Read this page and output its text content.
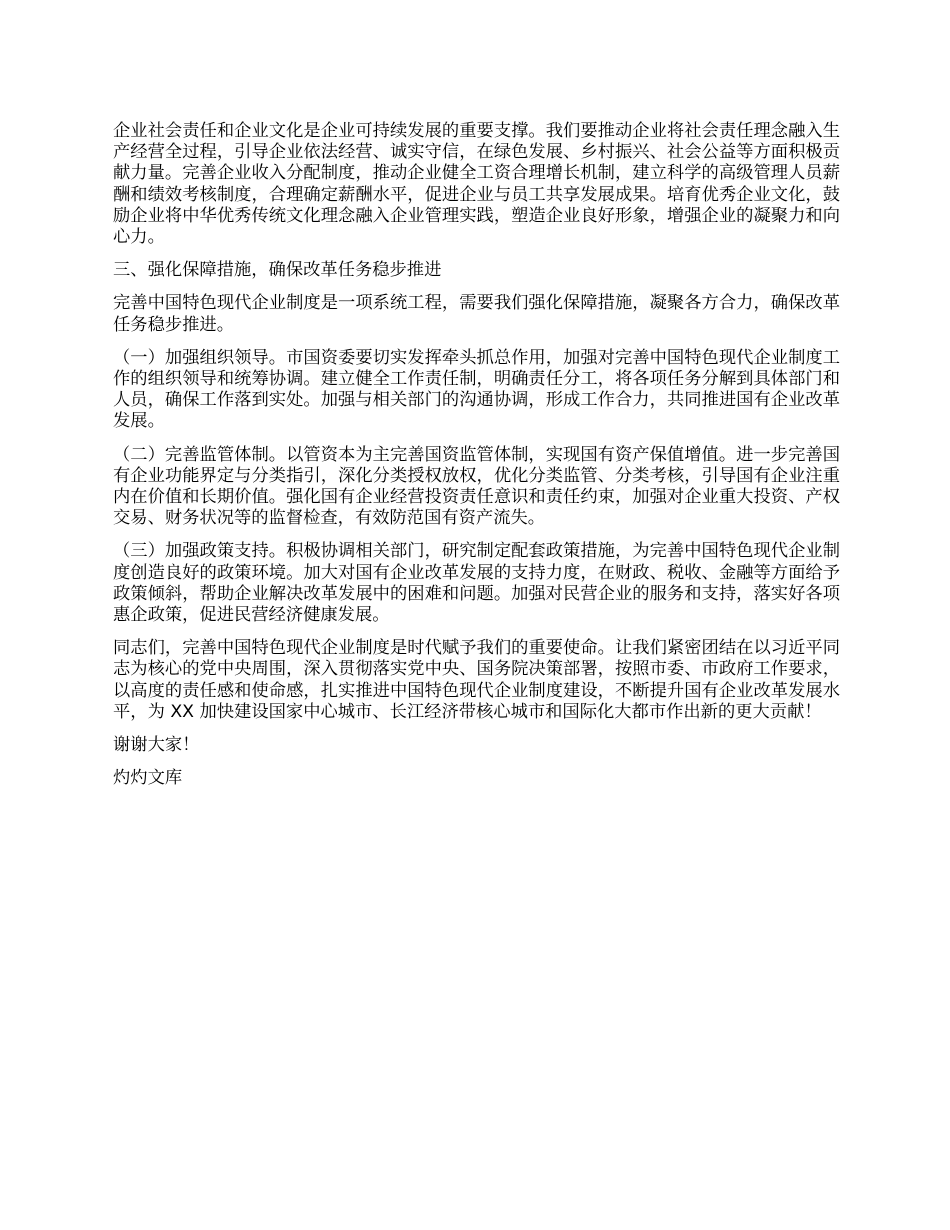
企业社会责任和企业文化是企业可持续发展的重要支撑。我们要推动企业将社会责任理念融入生产经营全过程，引导企业依法经营、诚实守信，在绿色发展、乡村振兴、社会公益等方面积极贡献力量。完善企业收入分配制度，推动企业健全工资合理增长机制，建立科学的高级管理人员薪酬和绩效考核制度，合理确定薪酬水平，促进企业与员工共享发展成果。培育优秀企业文化，鼓励企业将中华优秀传统文化理念融入企业管理实践，塑造企业良好形象，增强企业的凝聚力和向心力。

三、强化保障措施，确保改革任务稳步推进

完善中国特色现代企业制度是一项系统工程，需要我们强化保障措施，凝聚各方合力，确保改革任务稳步推进。

（一）加强组织领导。市国资委要切实发挥牵头抓总作用，加强对完善中国特色现代企业制度工作的组织领导和统筹协调。建立健全工作责任制，明确责任分工，将各项任务分解到具体部门和人员，确保工作落到实处。加强与相关部门的沟通协调，形成工作合力，共同推进国有企业改革发展。

（二）完善监管体制。以管资本为主完善国资监管体制，实现国有资产保值增值。进一步完善国有企业功能界定与分类指引，深化分类授权放权，优化分类监管、分类考核，引导国有企业注重内在价值和长期价值。强化国有企业经营投资责任意识和责任约束，加强对企业重大投资、产权交易、财务状况等的监督检查，有效防范国有资产流失。

（三）加强政策支持。积极协调相关部门，研究制定配套政策措施，为完善中国特色现代企业制度创造良好的政策环境。加大对国有企业改革发展的支持力度，在财政、税收、金融等方面给予政策倾斜，帮助企业解决改革发展中的困难和问题。加强对民营企业的服务和支持，落实好各项惠企政策，促进民营经济健康发展。

同志们，完善中国特色现代企业制度是时代赋予我们的重要使命。让我们紧密团结在以习近平同志为核心的党中央周围，深入贯彻落实党中央、国务院决策部署，按照市委、市政府工作要求，以高度的责任感和使命感，扎实推进中国特色现代企业制度建设，不断提升国有企业改革发展水平，为 XX 加快建设国家中心城市、长江经济带核心城市和国际化大都市作出新的更大贡献！

谢谢大家！

灼灼文库
